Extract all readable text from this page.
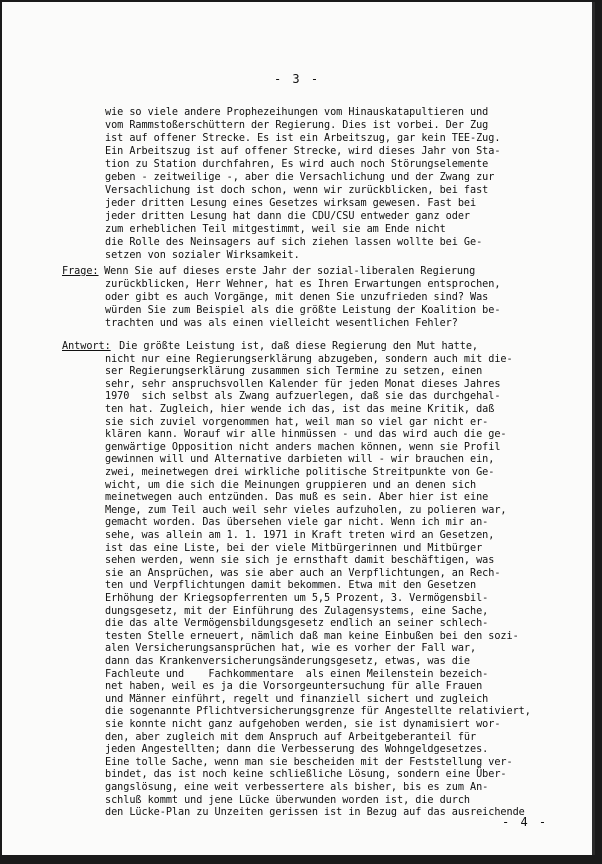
- 3 -
wie so viele andere Prophezeihungen vom Hinauskatapultieren und
vom Rammstoßerschüttern der Regierung. Dies ist vorbei. Der Zug
ist auf offener Strecke. Es ist ein Arbeitszug, gar kein TEE-Zug.
Ein Arbeitszug ist auf offener Strecke, wird dieses Jahr von Sta-
tion zu Station durchfahren, Es wird auch noch Störungselemente
geben - zeitweilige -, aber die Versachlichung und der Zwang zur
Versachlichung ist doch schon, wenn wir zurückblicken, bei fast
jeder dritten Lesung eines Gesetzes wirksam gewesen. Fast bei
jeder dritten Lesung hat dann die CDU/CSU entweder ganz oder
zum erheblichen Teil mitgestimmt, weil sie am Ende nicht
die Rolle des Neinsagers auf sich ziehen lassen wollte bei Ge-
setzen von sozialer Wirksamkeit.
Frage: Wenn Sie auf dieses erste Jahr der sozial-liberalen Regierung
zurückblicken, Herr Wehner, hat es Ihren Erwartungen entsprochen,
oder gibt es auch Vorgänge, mit denen Sie unzufrieden sind? Was
würden Sie zum Beispiel als die größte Leistung der Koalition be-
trachten und was als einen vielleicht wesentlichen Fehler?
Antwort: Die größte Leistung ist, daß diese Regierung den Mut hatte,
nicht nur eine Regierungserklärung abzugeben, sondern auch mit die-
ser Regierungserklärung zusammen sich Termine zu setzen, einen
sehr, sehr anspruchsvollen Kalender für jeden Monat dieses Jahres
1970  sich selbst als Zwang aufzuerlegen, daß sie das durchgehal-
ten hat. Zugleich, hier wende ich das, ist das meine Kritik, daß
sie sich zuviel vorgenommen hat, weil man so viel gar nicht er-
klären kann. Worauf wir alle hinmüssen - und das wird auch die ge-
genwärtige Opposition nicht anders machen können, wenn sie Profil
gewinnen will und Alternative darbieten will - wir brauchen ein,
zwei, meinetwegen drei wirkliche politische Streitpunkte von Ge-
wicht, um die sich die Meinungen gruppieren und an denen sich
meinetwegen auch entzünden. Das muß es sein. Aber hier ist eine
Menge, zum Teil auch weil sehr vieles aufzuholen, zu polieren war,
gemacht worden. Das übersehen viele gar nicht. Wenn ich mir an-
sehe, was allein am 1. 1. 1971 in Kraft treten wird an Gesetzen,
ist das eine Liste, bei der viele Mitbürgerinnen und Mitbürger
sehen werden, wenn sie sich je ernsthaft damit beschäftigen, was
sie an Ansprüchen, was sie aber auch an Verpflichtungen, an Rech-
ten und Verpflichtungen damit bekommen. Etwa mit den Gesetzen
Erhöhung der Kriegsopferrenten um 5,5 Prozent, 3. Vermögensbil-
dungsgesetz, mit der Einführung des Zulagensystems, eine Sache,
die das alte Vermögensbildungsgesetz endlich an seiner schlech-
testen Stelle erneuert, nämlich daß man keine Einbußen bei den sozi-
alen Versicherungsansprüchen hat, wie es vorher der Fall war,
dann das Krankenversicherungsänderungsgesetz, etwas, was die
Fachleute und    Fachkommentare  als einen Meilenstein bezeich-
net haben, weil es ja die Vorsorgeuntersuchung für alle Frauen
und Männer einführt, regelt und finanziell sichert und zugleich
die sogenannte Pflichtversicherungsgrenze für Angestellte relativiert,
sie konnte nicht ganz aufgehoben werden, sie ist dynamisiert wor-
den, aber zugleich mit dem Anspruch auf Arbeitgeberanteil für
jeden Angestellten; dann die Verbesserung des Wohngeldgesetzes.
Eine tolle Sache, wenn man sie bescheiden mit der Feststellung ver-
bindet, das ist noch keine schließliche Lösung, sondern eine Über-
gangslösung, eine weit verbessertere als bisher, bis es zum An-
schluß kommt und jene Lücke überwunden worden ist, die durch
den Lücke-Plan zu Unzeiten gerissen ist in Bezug auf das ausreichende
- 4 -
